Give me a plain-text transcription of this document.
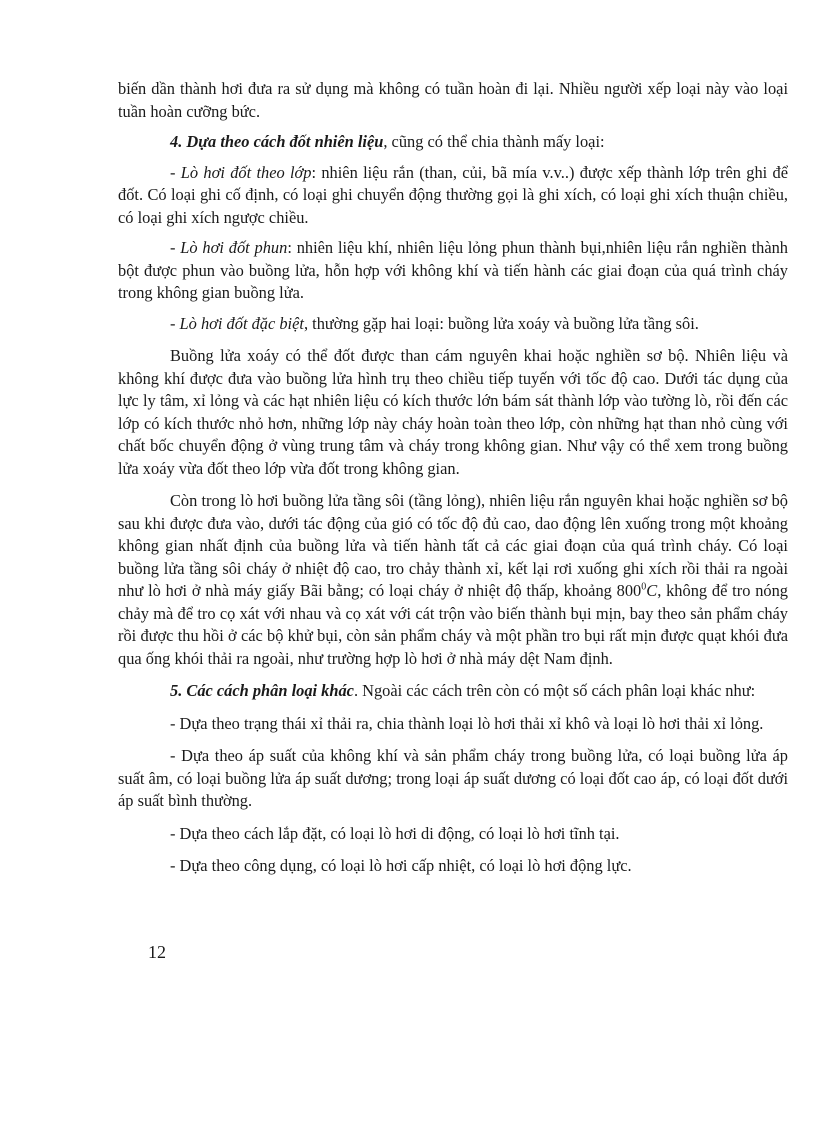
biến dần thành hơi đưa ra sử dụng mà không có tuần hoàn đi lại. Nhiều người xếp loại này vào loại tuần hoàn cưỡng bức.

4. Dựa theo cách đốt nhiên liệu, cũng có thể chia thành mấy loại:

- Lò hơi đốt theo lớp: nhiên liệu rắn (than, củi, bã mía v.v..) được xếp thành lớp trên ghi để đốt. Có loại ghi cố định, có loại ghi chuyển động thường gọi là ghi xích, có loại ghi xích thuận chiều, có loại ghi xích ngược chiều.

- Lò hơi đốt phun: nhiên liệu khí, nhiên liệu lỏng phun thành bụi,nhiên liệu rắn nghiền thành bột được phun vào buồng lửa, hỗn hợp với không khí và tiến hành các giai đoạn của quá trình cháy trong không gian buồng lửa.

- Lò hơi đốt đặc biệt, thường gặp hai loại: buồng lửa xoáy và buồng lửa tầng sôi.

Buồng lửa xoáy có thể đốt được than cám nguyên khai hoặc nghiền sơ bộ. Nhiên liệu và không khí được đưa vào buồng lửa hình trụ theo chiều tiếp tuyến với tốc độ cao. Dưới tác dụng của lực ly tâm, xỉ lỏng và các hạt nhiên liệu có kích thước lớn bám sát thành lớp vào tường lò, rồi đến các lớp có kích thước nhỏ hơn, những lớp này cháy hoàn toàn theo lớp, còn những hạt than nhỏ cùng với chất bốc chuyển động ở vùng trung tâm và cháy trong không gian. Như vậy có thể xem trong buồng lửa xoáy vừa đốt theo lớp vừa đốt trong không gian.

Còn trong lò hơi buồng lửa tầng sôi (tầng lỏng), nhiên liệu rắn nguyên khai hoặc nghiền sơ bộ sau khi được đưa vào, dưới tác động của gió có tốc độ đủ cao, dao động lên xuống trong một khoảng không gian nhất định của buồng lửa và tiến hành tất cả các giai đoạn của quá trình cháy. Có loại buồng lửa tầng sôi cháy ở nhiệt độ cao, tro chảy thành xỉ, kết lại rơi xuống ghi xích rồi thải ra ngoài như lò hơi ở nhà máy giấy Bãi bằng; có loại cháy ở nhiệt độ thấp, khoảng $800^0C$, không để tro nóng chảy mà để tro cọ xát với nhau và cọ xát với cát trộn vào biến thành bụi mịn, bay theo sản phẩm cháy rồi được thu hồi ở các bộ khử bụi, còn sản phẩm cháy và một phần tro bụi rất mịn được quạt khói đưa qua ống khói thải ra ngoài, như trường hợp lò hơi ở nhà máy dệt Nam định.

5. Các cách phân loại khác. Ngoài các cách trên còn có một số cách phân loại khác như:

- Dựa theo trạng thái xỉ thải ra, chia thành loại lò hơi thải xỉ khô và loại lò hơi thải xỉ lỏng.

- Dựa theo áp suất của không khí và sản phẩm cháy trong buồng lửa, có loại buồng lửa áp suất âm, có loại buồng lửa áp suất dương; trong loại áp suất dương có loại đốt cao áp, có loại đốt dưới áp suất bình thường.

- Dựa theo cách lắp đặt, có loại lò hơi di động, có loại lò hơi tĩnh tại.

- Dựa theo công dụng, có loại lò hơi cấp nhiệt, có loại lò hơi động lực.

12
